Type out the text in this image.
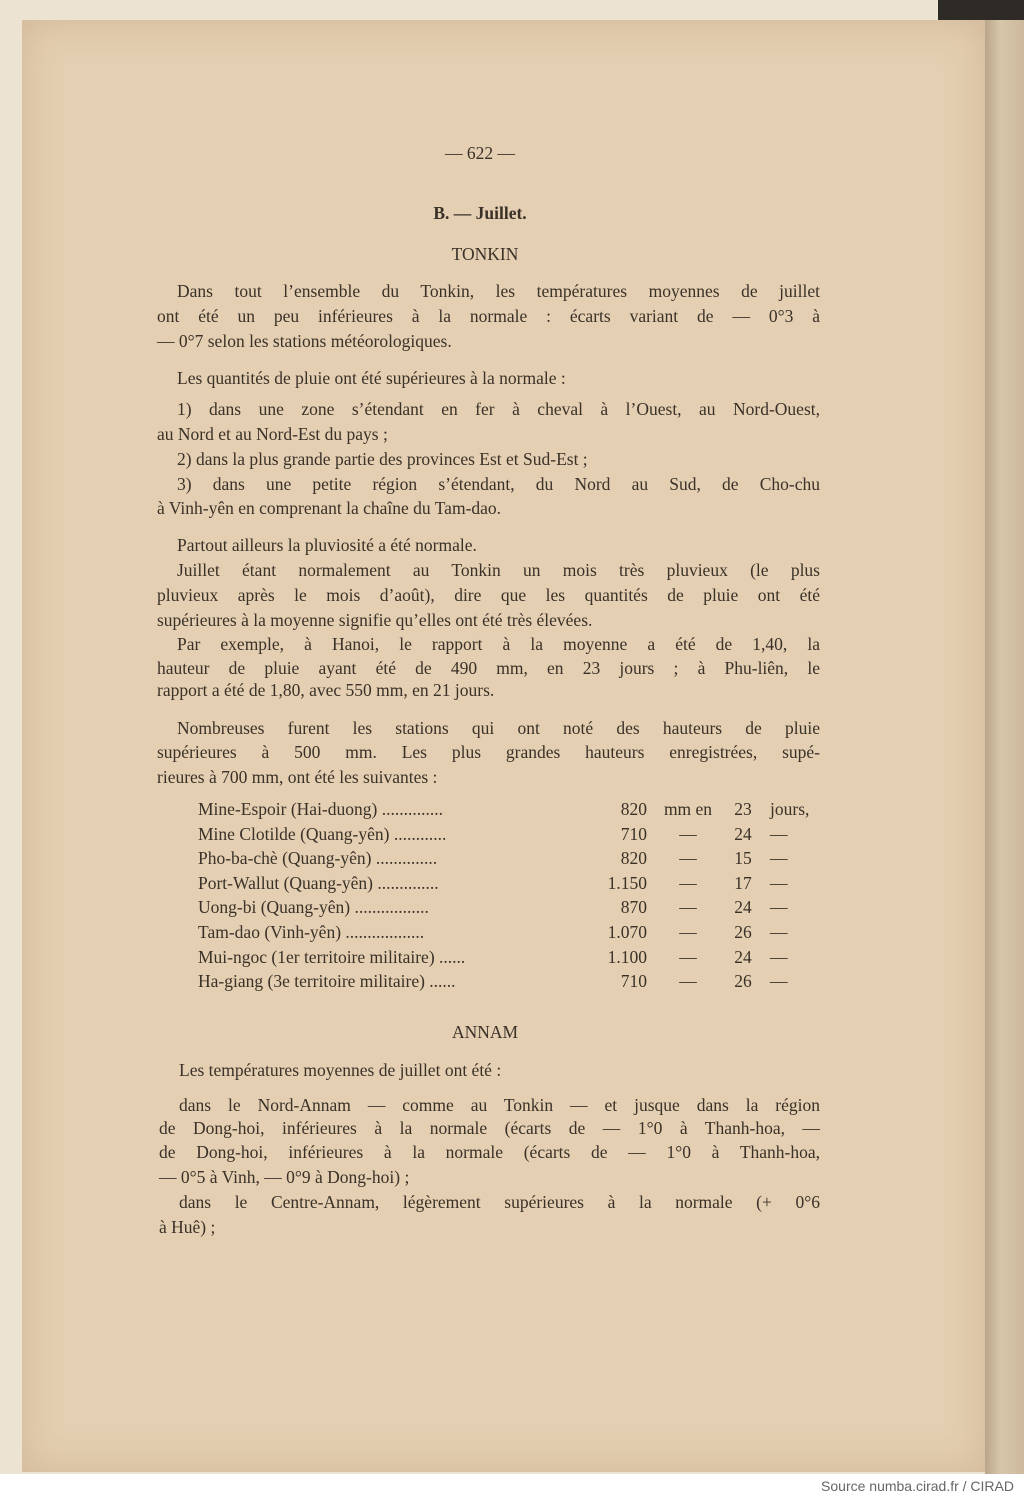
— 622 —
B. — Juillet.
TONKIN
Dans tout l’ensemble du Tonkin, les températures moyennes de juillet
ont été un peu inférieures à la normale : écarts variant de — 0°3 à
— 0°7 selon les stations météorologiques.
Les quantités de pluie ont été supérieures à la normale :
1) dans une zone s’étendant en fer à cheval à l’Ouest, au Nord-Ouest,
au Nord et au Nord-Est du pays ;
2) dans la plus grande partie des provinces Est et Sud-Est ;
3) dans une petite région s’étendant, du Nord au Sud, de Cho-chu
à Vinh-yên en comprenant la chaîne du Tam-dao.
Partout ailleurs la pluviosité a été normale.
Juillet étant normalement au Tonkin un mois très pluvieux (le plus
pluvieux après le mois d’août), dire que les quantités de pluie ont été
supérieures à la moyenne signifie qu’elles ont été très élevées.
Par exemple, à Hanoi, le rapport à la moyenne a été de 1,40, la
hauteur de pluie ayant été de 490 mm, en 23 jours ; à Phu-liên, le
rapport a été de 1,80, avec 550 mm, en 21 jours.
Nombreuses furent les stations qui ont noté des hauteurs de pluie
supérieures à 500 mm. Les plus grandes hauteurs enregistrées, supé-
rieures à 700 mm, ont été les suivantes :
Mine-Espoir (Hai-duong) ..............	820 mm en	23	jours,
Mine Clotilde (Quang-yên) ............	710	—	24	—
Pho-ba-chè (Quang-yên) ..............	820	—	15	—
Port-Wallut (Quang-yên) ..............	1.150	—	17	—
Uong-bi (Quang-yên) .................	870	—	24	—
Tam-dao (Vinh-yên) ..................	1.070	—	26	—
Mui-ngoc (1er territoire militaire) ......	1.100	—	24	—
Ha-giang (3e territoire militaire) ......	710	—	26	—
ANNAM
Les températures moyennes de juillet ont été :
dans le Nord-Annam — comme au Tonkin — et jusque dans la région
de Dong-hoi, inférieures à la normale (écarts de — 1°0 à Thanh-hoa, —
de Dong-hoi, inférieures à la normale (écarts de — 1°0 à Thanh-hoa,
— 0°5 à Vinh, — 0°9 à Dong-hoi) ;
dans le Centre-Annam, légèrement supérieures à la normale (+ 0°6
à Huê) ;
Source numba.cirad.fr / CIRAD
